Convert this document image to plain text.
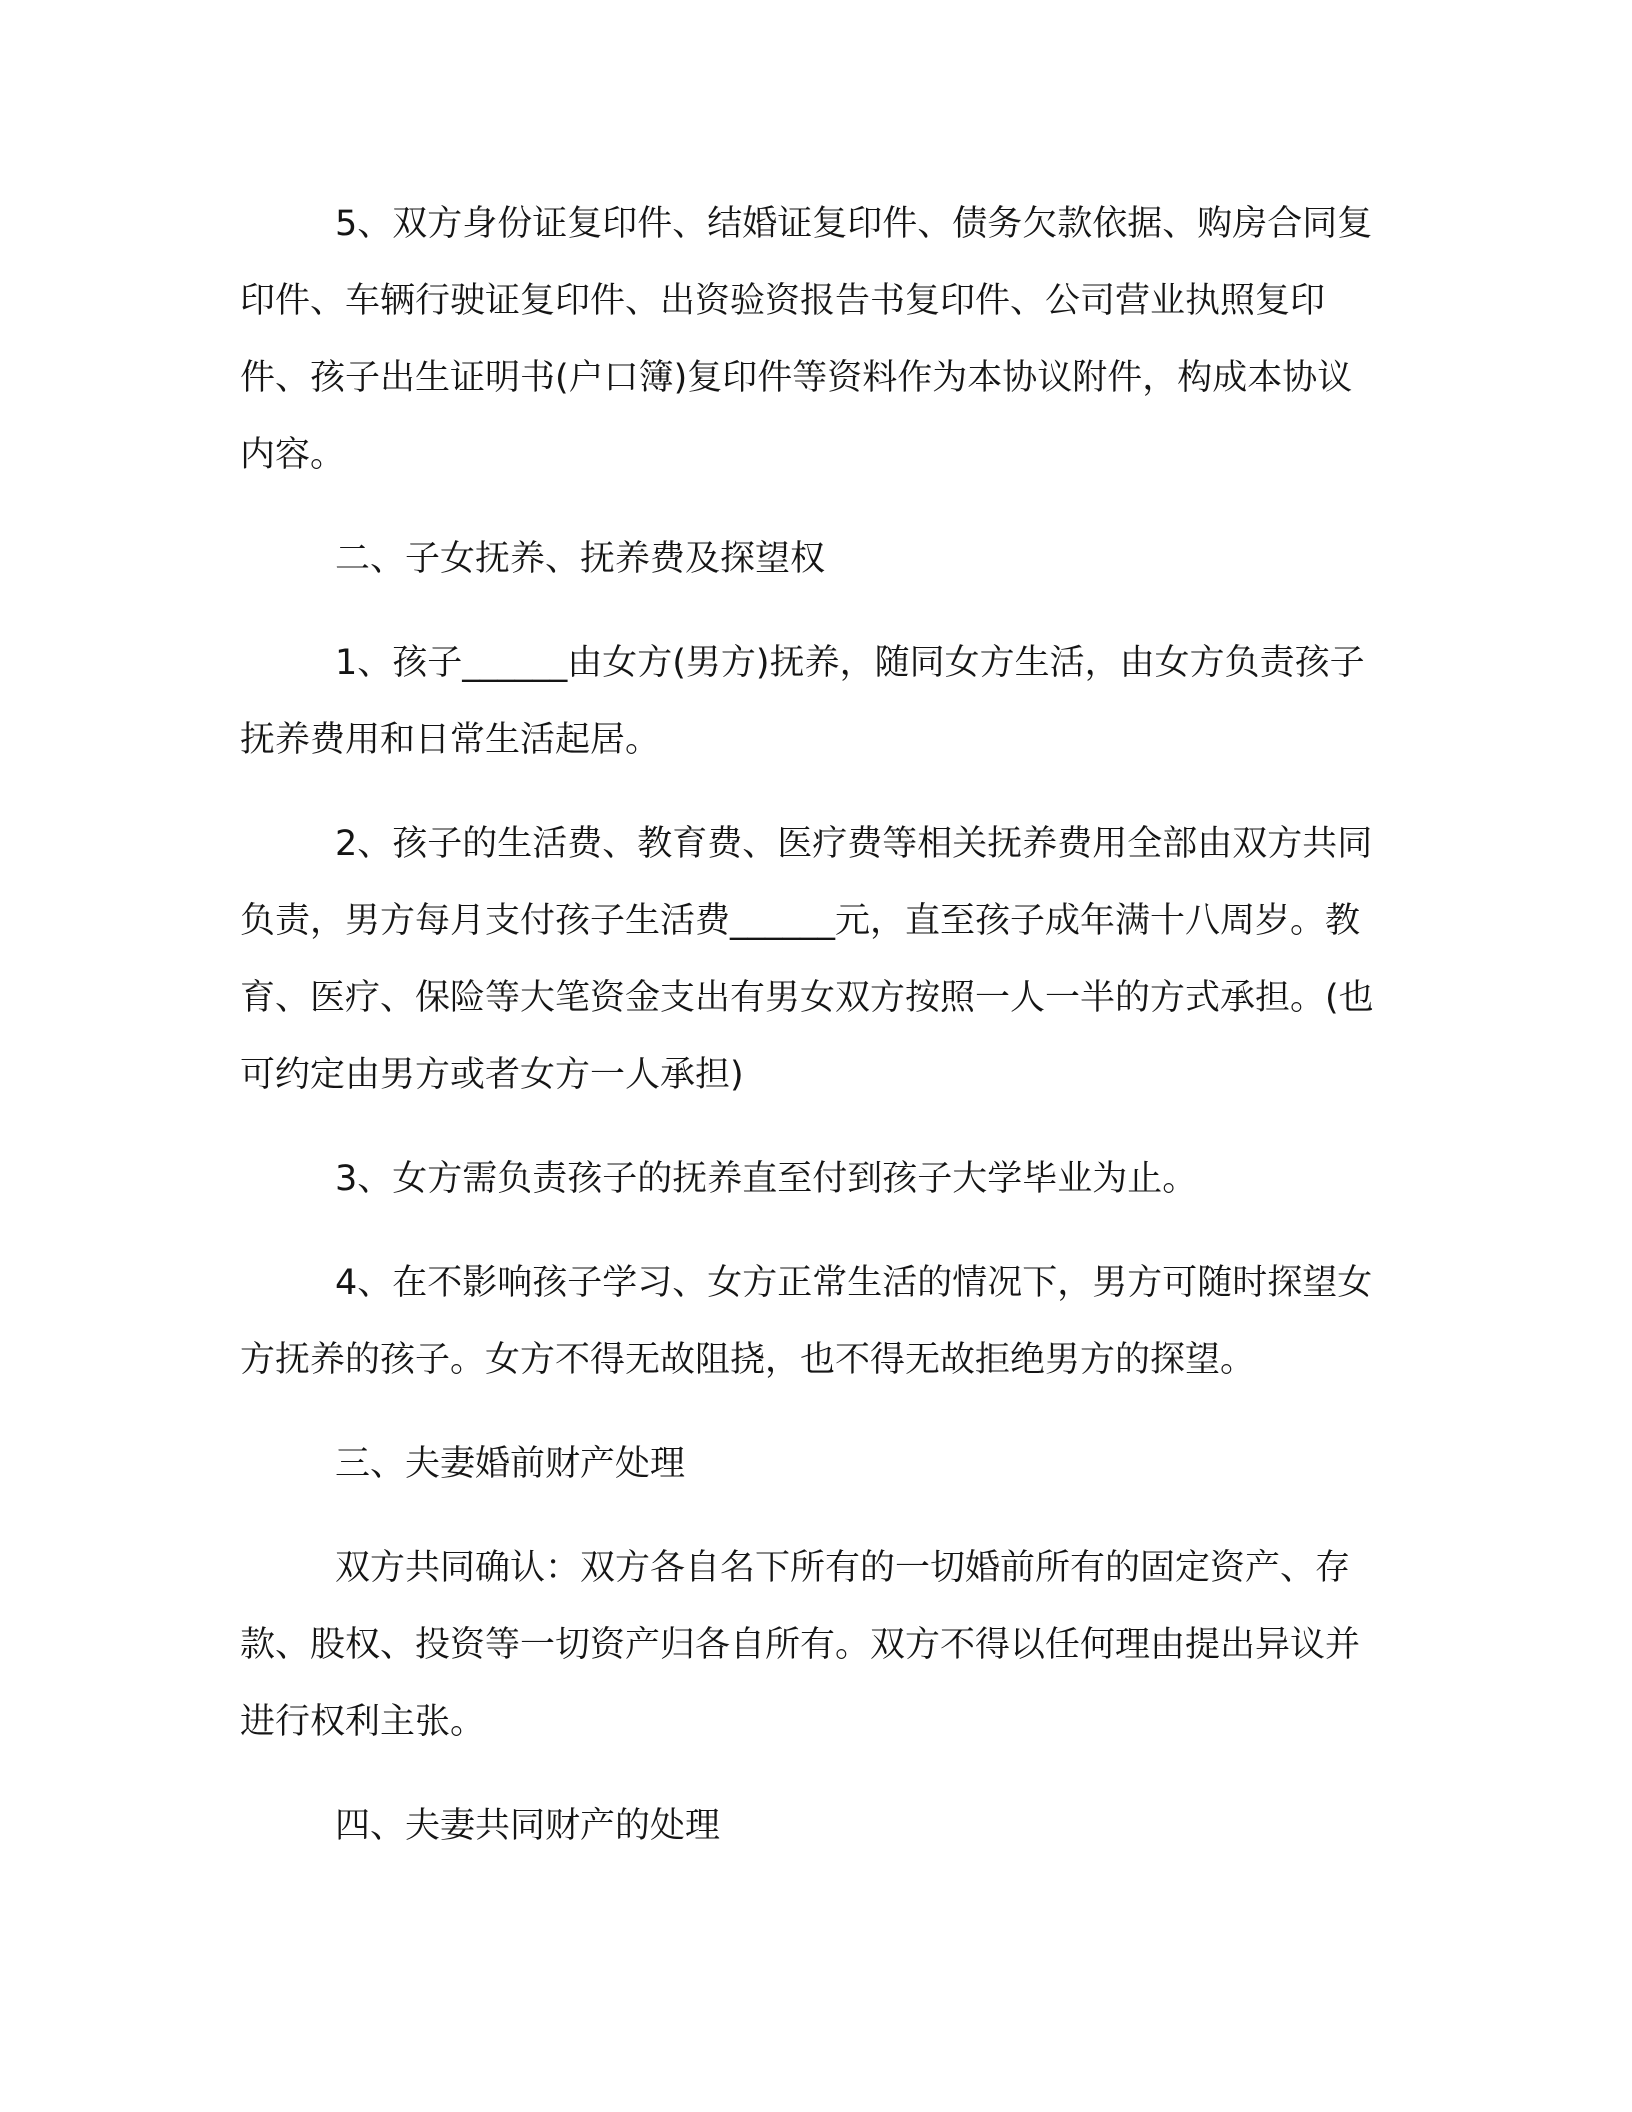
5、双方身份证复印件、结婚证复印件、债务欠款依据、购房合同复印件、车辆行驶证复印件、出资验资报告书复印件、公司营业执照复印件、孩子出生证明书(户口簿)复印件等资料作为本协议附件，构成本协议内容。

二、子女抚养、抚养费及探望权

1、孩子______由女方(男方)抚养，随同女方生活，由女方负责孩子抚养费用和日常生活起居。

2、孩子的生活费、教育费、医疗费等相关抚养费用全部由双方共同负责，男方每月支付孩子生活费______元，直至孩子成年满十八周岁。教育、医疗、保险等大笔资金支出有男女双方按照一人一半的方式承担。(也可约定由男方或者女方一人承担)

3、女方需负责孩子的抚养直至付到孩子大学毕业为止。

4、在不影响孩子学习、女方正常生活的情况下，男方可随时探望女方抚养的孩子。女方不得无故阻挠，也不得无故拒绝男方的探望。

三、夫妻婚前财产处理

双方共同确认：双方各自名下所有的一切婚前所有的固定资产、存款、股权、投资等一切资产归各自所有。双方不得以任何理由提出异议并进行权利主张。

四、夫妻共同财产的处理
